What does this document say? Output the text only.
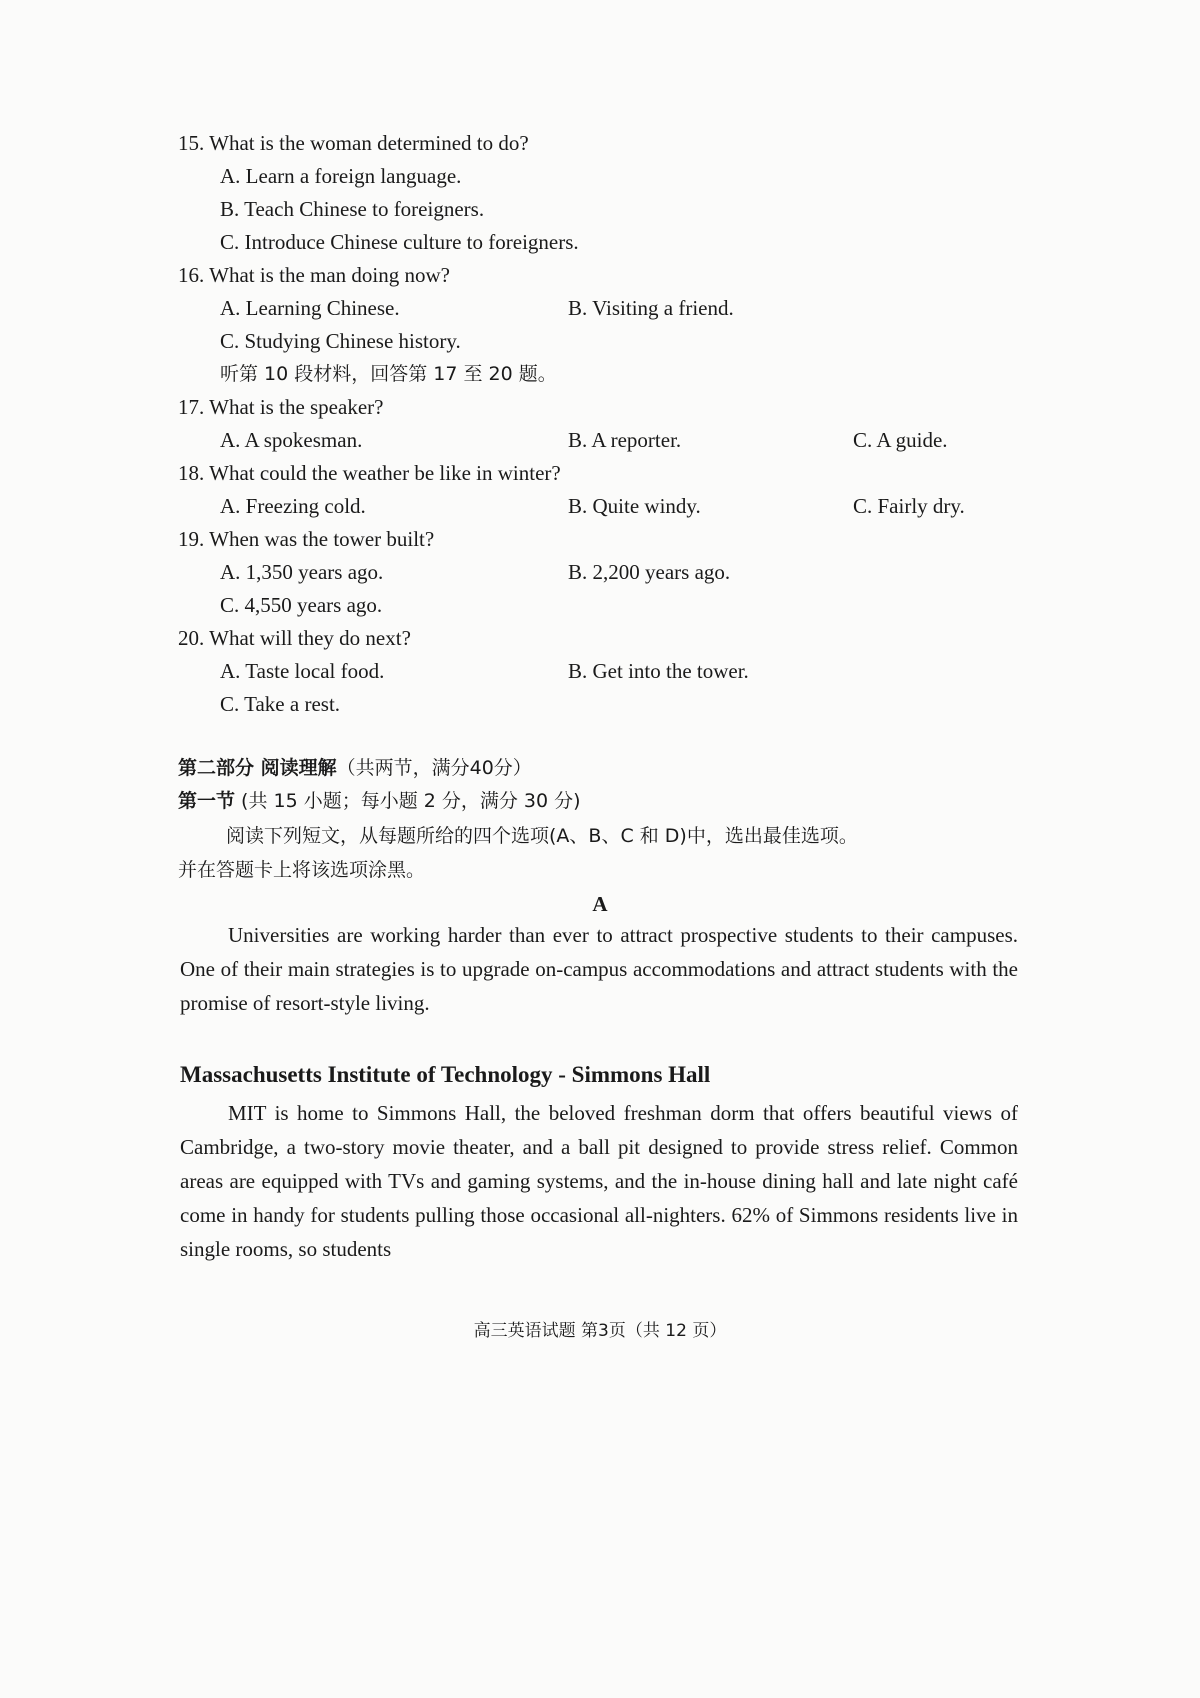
15. What is the woman determined to do?
A. Learn a foreign language.
B. Teach Chinese to foreigners.
C. Introduce Chinese culture to foreigners.
16. What is the man doing now?
A. Learning Chinese.	B. Visiting a friend.
C. Studying Chinese history.
听第 10 段材料，回答第 17 至 20 题。
17. What is the speaker?
A. A spokesman.	B. A reporter.	C. A guide.
18. What could the weather be like in winter?
A. Freezing cold.	B. Quite windy.	C. Fairly dry.
19. When was the tower built?
A. 1,350 years ago.	B. 2,200 years ago.
C. 4,550 years ago.
20. What will they do next?
A. Taste local food.	B. Get into the tower.
C. Take a rest.
第二部分 阅读理解（共两节，满分40分）
第一节 (共 15 小题；每小题 2 分，满分 30 分)
阅读下列短文，从每题所给的四个选项(A、B、C 和 D)中，选出最佳选项。
并在答题卡上将该选项涂黑。
A
Universities are working harder than ever to attract prospective students to their campuses. One of their main strategies is to upgrade on-campus accommodations and attract students with the promise of resort-style living.
Massachusetts Institute of Technology - Simmons Hall
MIT is home to Simmons Hall, the beloved freshman dorm that offers beautiful views of Cambridge, a two-story movie theater, and a ball pit designed to provide stress relief. Common areas are equipped with TVs and gaming systems, and the in-house dining hall and late night café come in handy for students pulling those occasional all-nighters. 62% of Simmons residents live in single rooms, so students
高三英语试题 第3页（共 12 页）
